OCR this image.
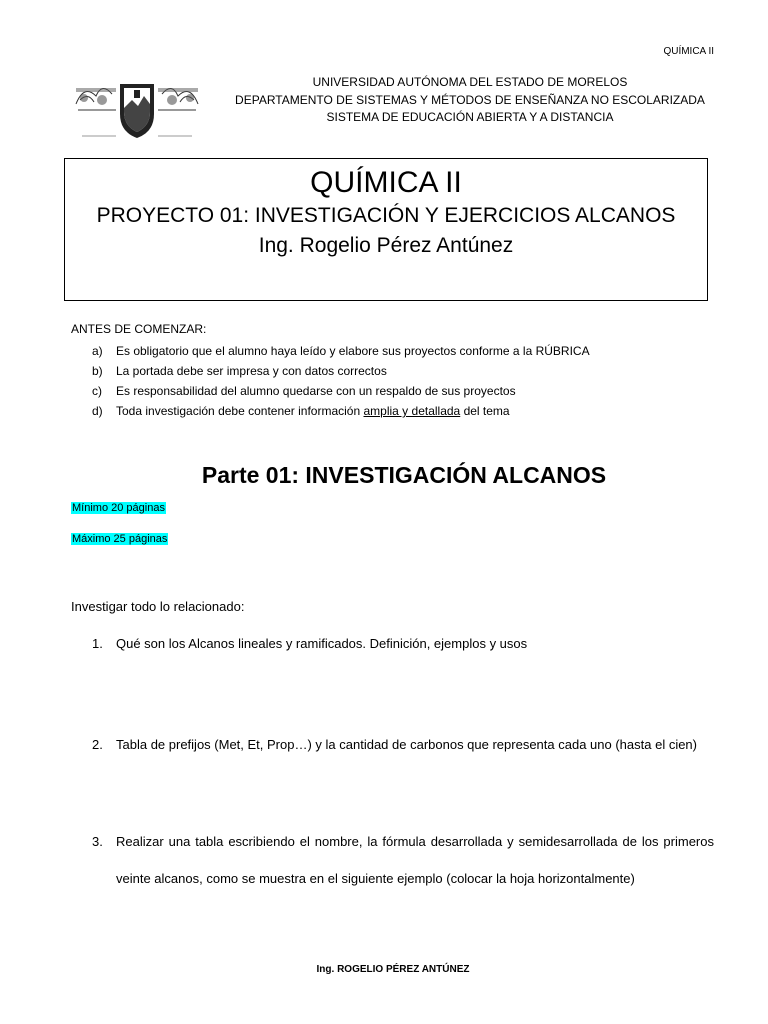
QUÍMICA II
UNIVERSIDAD AUTÓNOMA DEL ESTADO DE MORELOS
DEPARTAMENTO DE SISTEMAS Y MÉTODOS DE ENSEÑANZA NO ESCOLARIZADA
SISTEMA DE EDUCACIÓN ABIERTA Y A DISTANCIA
QUÍMICA II
PROYECTO 01: INVESTIGACIÓN Y EJERCICIOS ALCANOS
Ing. Rogelio Pérez Antúnez
ANTES DE COMENZAR:
a)	Es obligatorio que el alumno haya leído y elabore sus proyectos conforme a la RÚBRICA
b)	La portada debe ser impresa y con datos correctos
c)	Es responsabilidad del alumno quedarse con un respaldo de sus proyectos
d)	Toda investigación debe contener información amplia y detallada del tema
Parte 01: INVESTIGACIÓN ALCANOS
Mínimo 20 páginas
Máximo 25 páginas
Investigar todo lo relacionado:
1.	Qué son los Alcanos lineales y ramificados. Definición, ejemplos y usos
2.	Tabla de prefijos (Met, Et, Prop…) y la cantidad de carbonos que representa cada uno (hasta el cien)
3.	Realizar una tabla escribiendo el nombre, la fórmula desarrollada y semidesarrollada de los primeros veinte alcanos, como se muestra en el siguiente ejemplo (colocar la hoja horizontalmente)
Ing. ROGELIO PÉREZ ANTÚNEZ
